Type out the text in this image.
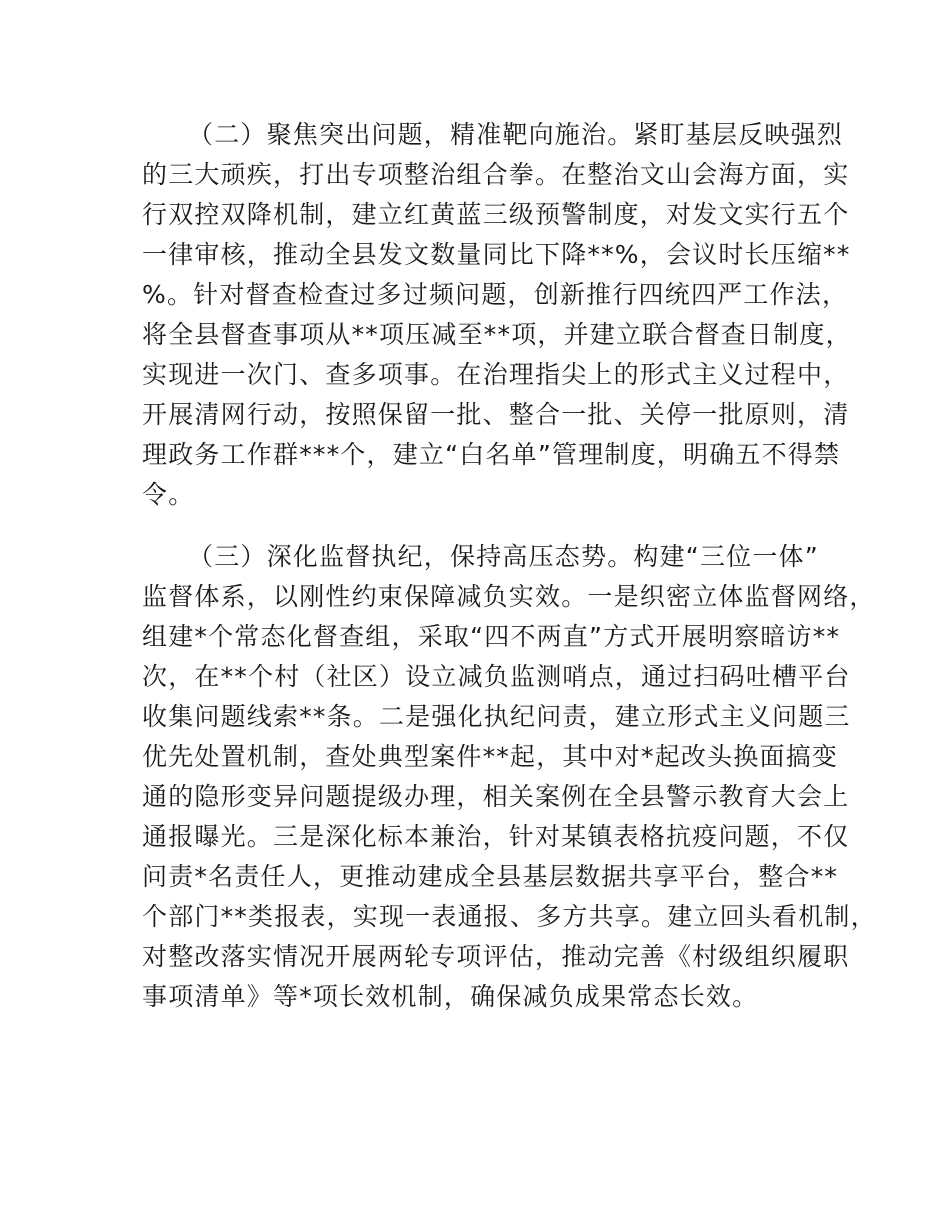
（二）聚焦突出问题，精准靶向施治。紧盯基层反映强烈
的三大顽疾，打出专项整治组合拳。在整治文山会海方面，实
行双控双降机制，建立红黄蓝三级预警制度，对发文实行五个
一律审核，推动全县发文数量同比下降**%，会议时长压缩**
%。针对督查检查过多过频问题，创新推行四统四严工作法，
将全县督查事项从**项压减至**项，并建立联合督查日制度，
实现进一次门、查多项事。在治理指尖上的形式主义过程中，
开展清网行动，按照保留一批、整合一批、关停一批原则，清
理政务工作群***个，建立“白名单”管理制度，明确五不得禁
令。
（三）深化监督执纪，保持高压态势。构建“三位一体”
监督体系，以刚性约束保障减负实效。一是织密立体监督网络，
组建*个常态化督查组，采取“四不两直”方式开展明察暗访**
次，在**个村（社区）设立减负监测哨点，通过扫码吐槽平台
收集问题线索**条。二是强化执纪问责，建立形式主义问题三
优先处置机制，查处典型案件**起，其中对*起改头换面搞变
通的隐形变异问题提级办理，相关案例在全县警示教育大会上
通报曝光。三是深化标本兼治，针对某镇表格抗疫问题，不仅
问责*名责任人，更推动建成全县基层数据共享平台，整合**
个部门**类报表，实现一表通报、多方共享。建立回头看机制，
对整改落实情况开展两轮专项评估，推动完善《村级组织履职
事项清单》等*项长效机制，确保减负成果常态长效。
